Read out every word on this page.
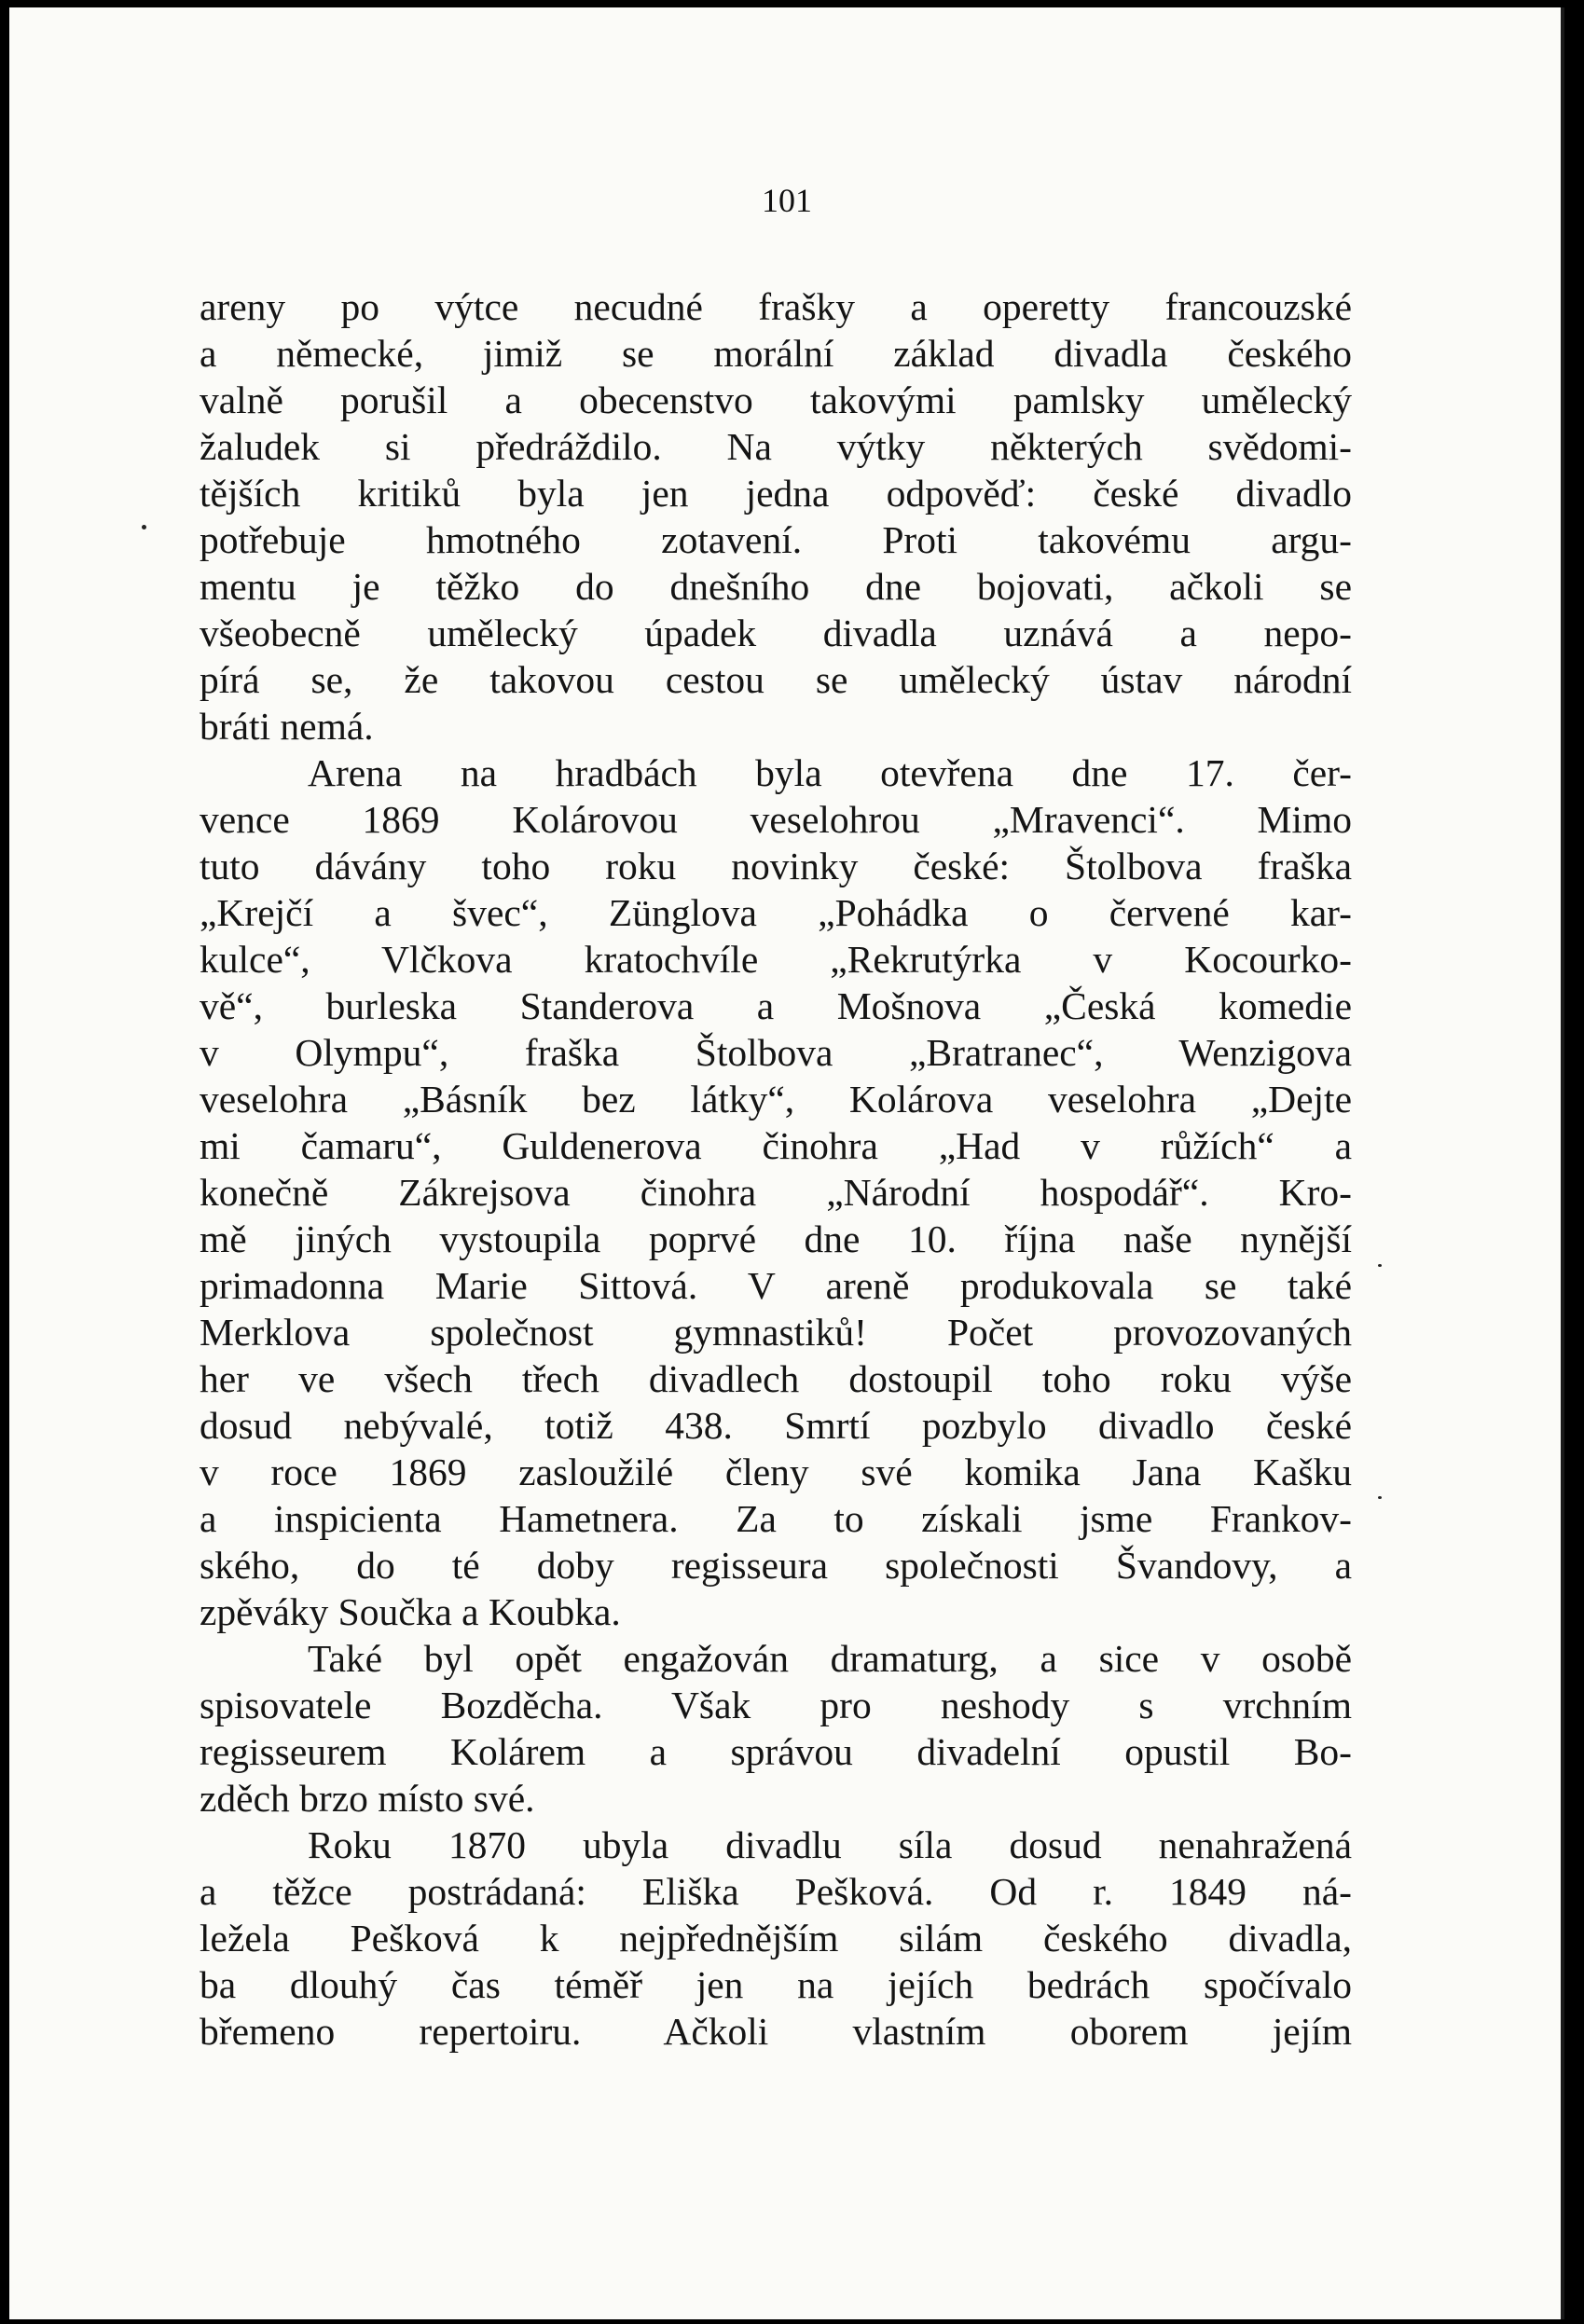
101
areny po výtce necudné frašky a operetty francouzské
a německé, jimiž se morální základ divadla českého
valně porušil a obecenstvo takovými pamlsky umělecký
žaludek si předráždilo. Na výtky některých svědomi-
tějších kritiků byla jen jedna odpověď: české divadlo
potřebuje hmotného zotavení. Proti takovému argu-
mentu je těžko do dnešního dne bojovati, ačkoli se
všeobecně umělecký úpadek divadla uznává a nepo-
pírá se, že takovou cestou se umělecký ústav národní
bráti nemá.
Arena na hradbách byla otevřena dne 17. čer-
vence 1869 Kolárovou veselohrou „Mravenci“. Mimo
tuto dávány toho roku novinky české: Štolbova fraška
„Krejčí a švec“, Zünglova „Pohádka o červené kar-
kulce“, Vlčkova kratochvíle „Rekrutýrka v Kocourko-
vě“, burleska Standerova a Mošnova „Česká komedie
v Olympu“, fraška Štolbova „Bratranec“, Wenzigova
veselohra „Básník bez látky“, Kolárova veselohra „Dejte
mi čamaru“, Guldenerova činohra „Had v růžích“ a
konečně Zákrejsova činohra „Národní hospodář“. Kro-
mě jiných vystoupila poprvé dne 10. října naše nynější
primadonna Marie Sittová. V areně produkovala se také
Merklova společnost gymnastiků! Počet provozovaných
her ve všech třech divadlech dostoupil toho roku výše
dosud nebývalé, totiž 438. Smrtí pozbylo divadlo české
v roce 1869 zasloužilé členy své komika Jana Kašku
a inspicienta Hametnera. Za to získali jsme Frankov-
ského, do té doby regisseura společnosti Švandovy, a
zpěváky Součka a Koubka.
Také byl opět engažován dramaturg, a sice v osobě
spisovatele Bozděcha. Však pro neshody s vrchním
regisseurem Kolárem a správou divadelní opustil Bo-
zděch brzo místo své.
Roku 1870 ubyla divadlu síla dosud nenahražená
a těžce postrádaná: Eliška Pešková. Od r. 1849 ná-
ležela Pešková k nejpřednějším silám českého divadla,
ba dlouhý čas téměř jen na jejích bedrách spočívalo
břemeno repertoiru. Ačkoli vlastním oborem jejím
